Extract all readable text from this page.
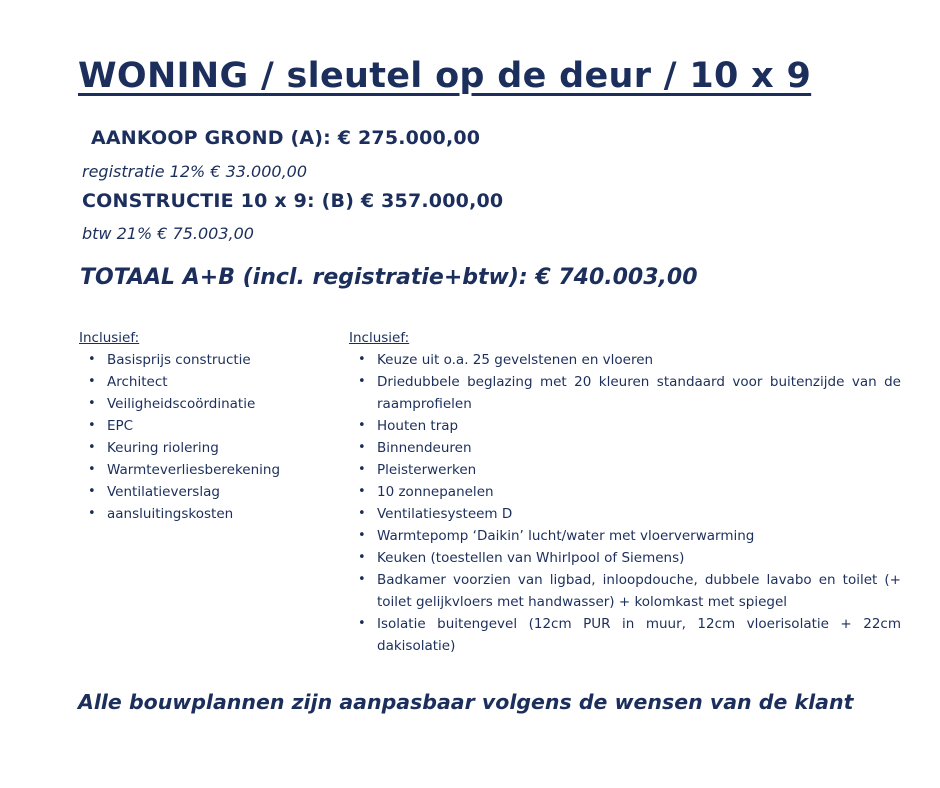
WONING / sleutel op de deur / 10 x 9

AANKOOP GROND (A): € 275.000,00

registratie 12% € 33.000,00

CONSTRUCTIE 10 x 9: (B) € 357.000,00

btw 21% € 75.003,00

TOTAAL A+B (incl. registratie+btw): € 740.003,00

Inclusief:

• Basisprijs constructie
• Architect
• Veiligheidscoördinatie
• EPC
• Keuring riolering
• Warmteverliesberekening
• Ventilatieverslag
• aansluitingskosten

Inclusief:

• Keuze uit o.a. 25 gevelstenen en vloeren
• Driedubbele beglazing met 20 kleuren standaard voor buitenzijde van de raamprofielen
• Houten trap
• Binnendeuren
• Pleisterwerken
• 10 zonnepanelen
• Ventilatiesysteem D
• Warmtepomp ‘Daikin’ lucht/water met vloerverwarming
• Keuken (toestellen van Whirlpool of Siemens)
• Badkamer voorzien van ligbad, inloopdouche, dubbele lavabo en toilet (+ toilet gelijkvloers met handwasser) + kolomkast met spiegel
• Isolatie buitengevel (12cm PUR in muur, 12cm vloerisolatie + 22cm dakisolatie)

Alle bouwplannen zijn aanpasbaar volgens de wensen van de klant
